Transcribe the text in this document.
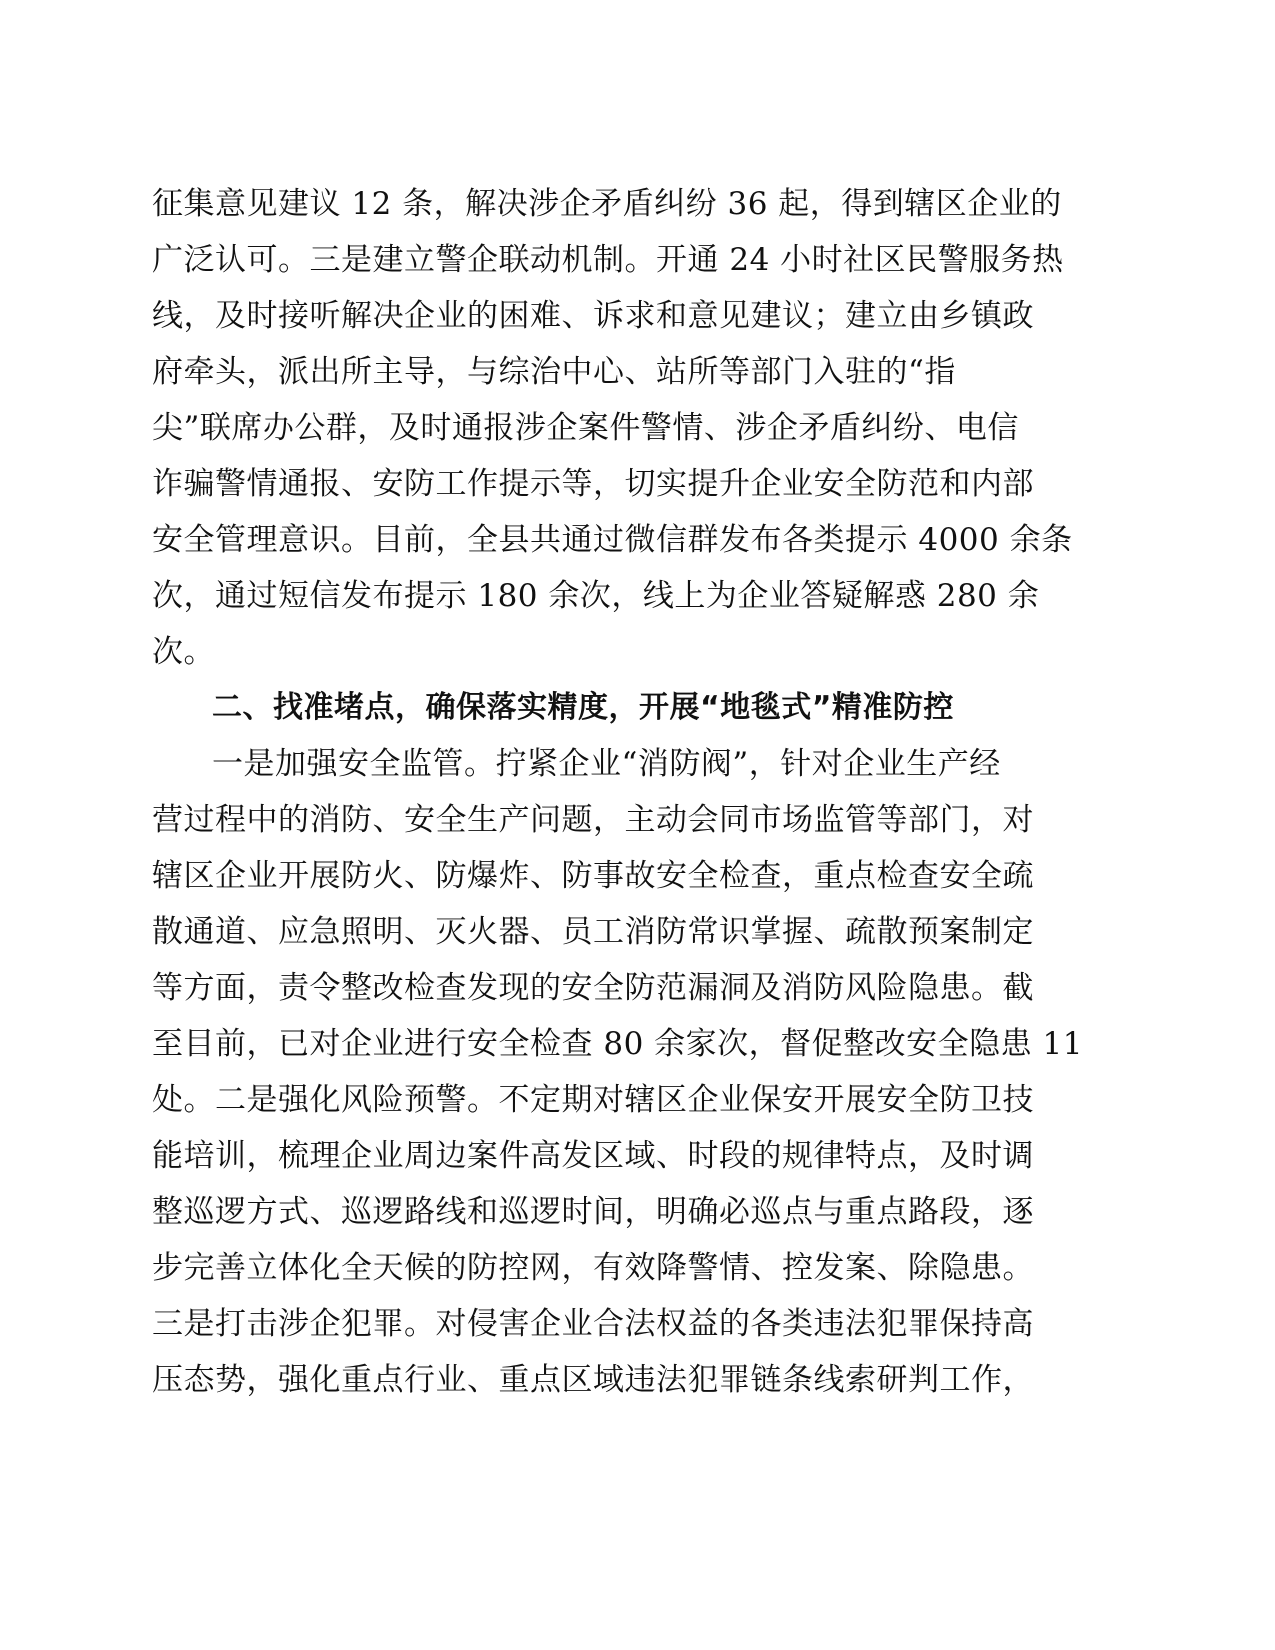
征集意见建议 12 条，解决涉企矛盾纠纷 36 起，得到辖区企业的
广泛认可。三是建立警企联动机制。开通 24 小时社区民警服务热
线，及时接听解决企业的困难、诉求和意见建议；建立由乡镇政
府牵头，派出所主导，与综治中心、站所等部门入驻的“指
尖”联席办公群，及时通报涉企案件警情、涉企矛盾纠纷、电信
诈骗警情通报、安防工作提示等，切实提升企业安全防范和内部
安全管理意识。目前，全县共通过微信群发布各类提示 4000 余条
次，通过短信发布提示 180 余次，线上为企业答疑解惑 280 余
次。
二、找准堵点，确保落实精度，开展“地毯式”精准防控
一是加强安全监管。拧紧企业“消防阀”，针对企业生产经
营过程中的消防、安全生产问题，主动会同市场监管等部门，对
辖区企业开展防火、防爆炸、防事故安全检查，重点检查安全疏
散通道、应急照明、灭火器、员工消防常识掌握、疏散预案制定
等方面，责令整改检查发现的安全防范漏洞及消防风险隐患。截
至目前，已对企业进行安全检查 80 余家次，督促整改安全隐患 11
处。二是强化风险预警。不定期对辖区企业保安开展安全防卫技
能培训，梳理企业周边案件高发区域、时段的规律特点，及时调
整巡逻方式、巡逻路线和巡逻时间，明确必巡点与重点路段，逐
步完善立体化全天候的防控网，有效降警情、控发案、除隐患。
三是打击涉企犯罪。对侵害企业合法权益的各类违法犯罪保持高
压态势，强化重点行业、重点区域违法犯罪链条线索研判工作，
